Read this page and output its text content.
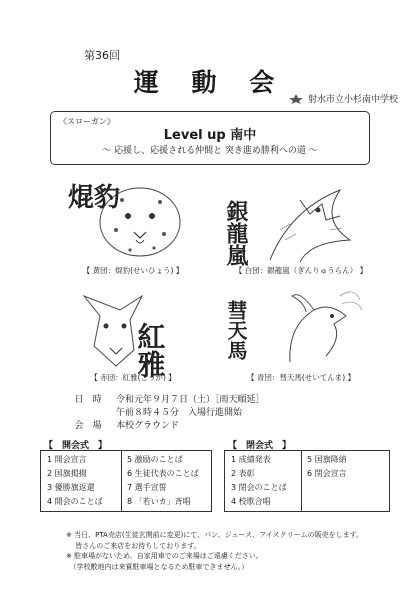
第36回
運 動 会
射水市立小杉南中学校
《スローガン》
Level up 南中
～ 応援し、応援される仲間と 突き進め勝利への道 ～
焜豹
【 黄団：焜豹(せいひょう) 】
銀龍嵐
【 白団：銀龍嵐（ぎんりゅうらん） 】
紅雅
【 赤団：紅雅(こうが) 】
彗天馬
【 青団：彗天馬(せいてんま) 】
日　時	令和元年９月７日（土）［雨天順延］
午前８時４５分　入場行進開始
会　場	本校グラウンド
【　開会式　】
1 開会宣言
2 国旗掲揚
3 優勝旗返還
4 開会のことば
5 激励のことば
6 生徒代表のことば
7 選手宣誓
8 「若いカ」斉唱
【　閉会式　】
1 成績発表
2 表彰
3 閉会のことば
4 校歌合唱
5 国旗降納
6 閉会宣言
※ 当日、PTA売店(生徒玄関前に変更)にて、パン、ジュース、アイスクリームの販売をします。
　 皆さんのご来店をお待ちしております。
※ 駐車場がないため、自家用車でのご来場はご遠慮ください。
　（学校敷地内は来賓駐車場となるため駐車できません。）
